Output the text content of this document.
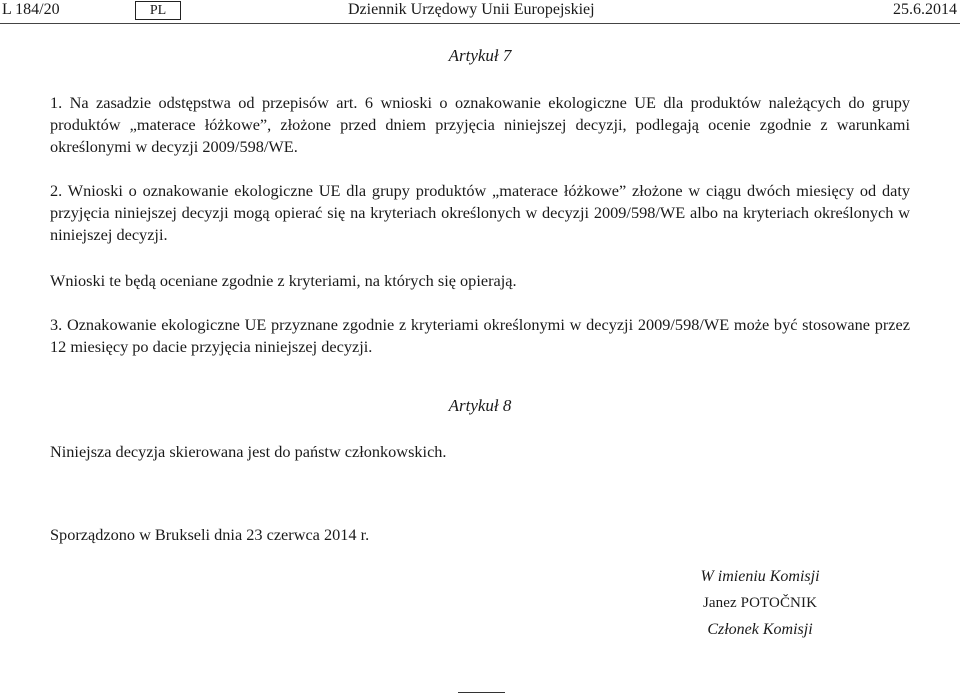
L 184/20	PL	Dziennik Urzędowy Unii Europejskiej	25.6.2014
Artykuł 7
1. Na zasadzie odstępstwa od przepisów art. 6 wnioski o oznakowanie ekologiczne UE dla produktów należących do grupy produktów „materace łóżkowe”, złożone przed dniem przyjęcia niniejszej decyzji, podlegają ocenie zgodnie z warunkami określonymi w decyzji 2009/598/WE.
2. Wnioski o oznakowanie ekologiczne UE dla grupy produktów „materace łóżkowe” złożone w ciągu dwóch miesięcy od daty przyjęcia niniejszej decyzji mogą opierać się na kryteriach określonych w decyzji 2009/598/WE albo na kryteriach określonych w niniejszej decyzji.
Wnioski te będą oceniane zgodnie z kryteriami, na których się opierają.
3. Oznakowanie ekologiczne UE przyznane zgodnie z kryteriami określonymi w decyzji 2009/598/WE może być stosowane przez 12 miesięcy po dacie przyjęcia niniejszej decyzji.
Artykuł 8
Niniejsza decyzja skierowana jest do państw członkowskich.
Sporządzono w Brukseli dnia 23 czerwca 2014 r.
W imieniu Komisji
Janez POTOČNIK
Członek Komisji
